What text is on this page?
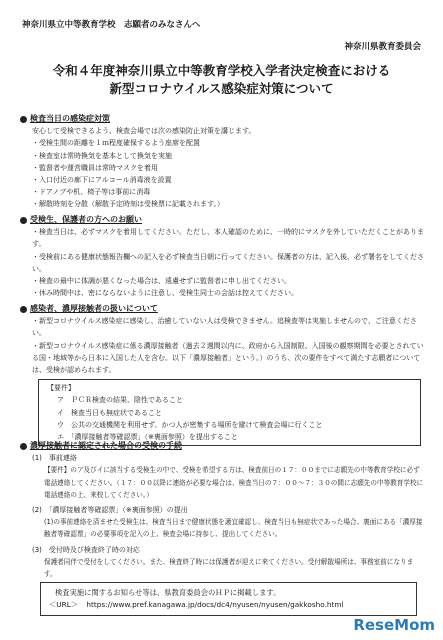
神奈川県立中等教育学校　志願者のみなさんへ
神奈川県教育委員会
令和４年度神奈川県立中等教育学校入学者決定検査における
新型コロナウイルス感染症対策について
検査当日の感染症対策
安心して受検できるよう、検査会場では次の感染防止対策を講じます。
・受検生間の距離を１ｍ程度確保するよう座席を配置
・検査室は常時換気を基本として換気を実施
・監督者や運営職員は常時マスクを着用
・入口付近の廊下にアルコール消毒液を設置
・ドアノブや机、椅子等は事前に消毒
・解散時刻を分散（解散予定時刻は受検票に記載されます。）
受検生、保護者の方へのお願い
・検査当日は、必ずマスクを着用してください。ただし、本人確認のために、一時的にマスクを外していただくことがあります。
・受検前にある健康状態報告欄への記入を必ず検査当日朝に行ってください。保護者の方は、記入後、必ず署名をしてください。
・検査の最中に体調が悪くなった場合は、遠慮せずに監督者に申し出てください。
・休み時間中は、密にならないように注意し、受検生同士の会話は控えてください。
感染者、濃厚接触者の扱いについて
・新型コロナウイルス感染症に感染し、治癒していない人は受検できません。追検査等は実施しませんので、ご注意ください。
・新型コロナウイルス感染症に係る濃厚接触者（過去２週間以内に、政府から入国制限、入国後の観察期間を必要とされている国・地域等から日本に入国した人を含む。以下「濃厚接触者」という。）のうち、次の要件をすべて満たす志願者については、受検が認められます。
【要件】
ア　ＰＣＲ検査の結果、陰性であること
イ　検査当日も無症状であること
ウ　公共の交通機関を利用せず、かつ人が密集する場所を避けて検査会場に行くこと
エ　「濃厚接触者等確認票」（※裏面参照）を提出すること
濃厚接触者に認定された場合の受検の手続
(1)　事前連絡
【要件】のア及びイに該当する受検生の中で、受検を希望する方は、検査前日の１７：００までに志願先の中等教育学校に必ず電話連絡してください。（１７：００以降に連絡が必要な場合は、検査当日の７：００～７：３０の間に志願先の中等教育学校に電話連絡の上、来校してください。）
(2)　「濃厚接触者等確認票」（※裏面参照）の提出
(1)の事前連絡を済ませた受検生は、検査当日まで健康状態を適宜確認し、検査当日も無症状であった場合、裏面にある「濃厚接触者等確認票」の必要事項を記入の上、検査会場に持参し、提出してください。
(3)　受付時及び検査終了時の対応
保護者同伴で受付をしてください。また、検査終了時には保護者が迎えに来てください。受付解散場所は、事務室前になります。
検査実施に関するお知らせ等は、県教育委員会のＨＰに掲載します。
＜URL＞ https://www.pref.kanagawa.jp/docs/dc4/nyusen/nyusen/gakkosho.html
ReseMom
